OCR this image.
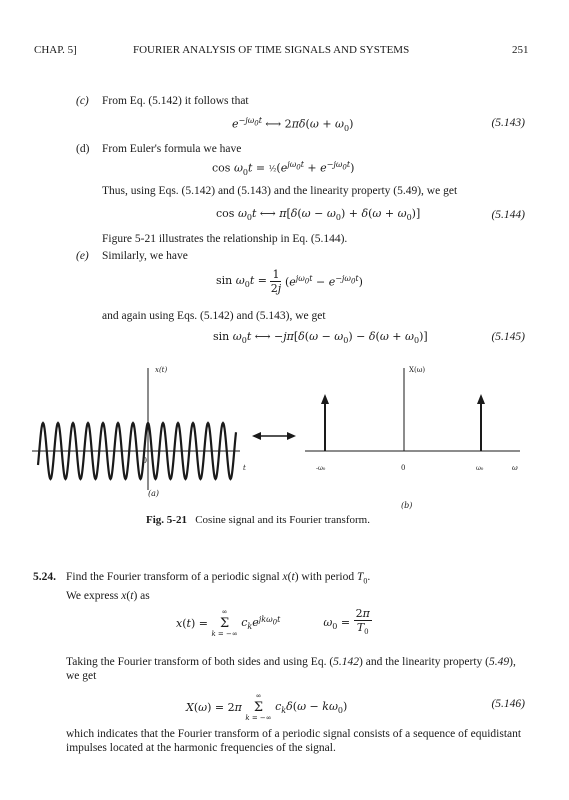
CHAP. 5]	FOURIER ANALYSIS OF TIME SIGNALS AND SYSTEMS	251
(c) From Eq. (5.142) it follows that
$e^{-j\omega_0t}$ ⟷ $2\pi\delta(\omega + \omega_0)$	(5.143)
(d) From Euler's formula we have
$\cos \omega_0t$ = $\frac{1}{2}(e^{j\omega_0t} + e^{-j\omega_0t})$
Thus, using Eqs. (5.142) and (5.143) and the linearity property (5.49), we get
$\cos \omega_0t$ ⟷ $\pi[\delta(\omega - \omega_0) + \delta(\omega + \omega_0)]$	(5.144)
Figure 5-21 illustrates the relationship in Eq. (5.144).
(e) Similarly, we have
$\sin \omega_0t = \frac{1}{2j} (e^{j\omega_0t} - e^{-j\omega_0t})$
and again using Eqs. (5.142) and (5.143), we get
$\sin \omega_0t$ ⟷ $-j\pi[\delta(\omega - \omega_0) - \delta(\omega + \omega_0)]$	(5.145)
x(t)
0
t
(a)
X(ω)
-ω₀	0	ω₀	ω
(b)
Fig. 5-21 Cosine signal and its Fourier transform.
5.24. Find the Fourier transform of a periodic signal x(t) with period $T_0$.
We express x(t) as
x(t) =
∞
Σ
k = −∞
$c_ke^{jk\omega_0t}$	$\omega_0 = \frac{2\pi}{T_0}$
Taking the Fourier transform of both sides and using Eq. (5.142) and the linearity property (5.49), we get
X(ω) = 2π
∞
Σ
k = −∞
$c_k\delta(\omega - k\omega_0)$	(5.146)
which indicates that the Fourier transform of a periodic signal consists of a sequence of equidistant impulses located at the harmonic frequencies of the signal.
